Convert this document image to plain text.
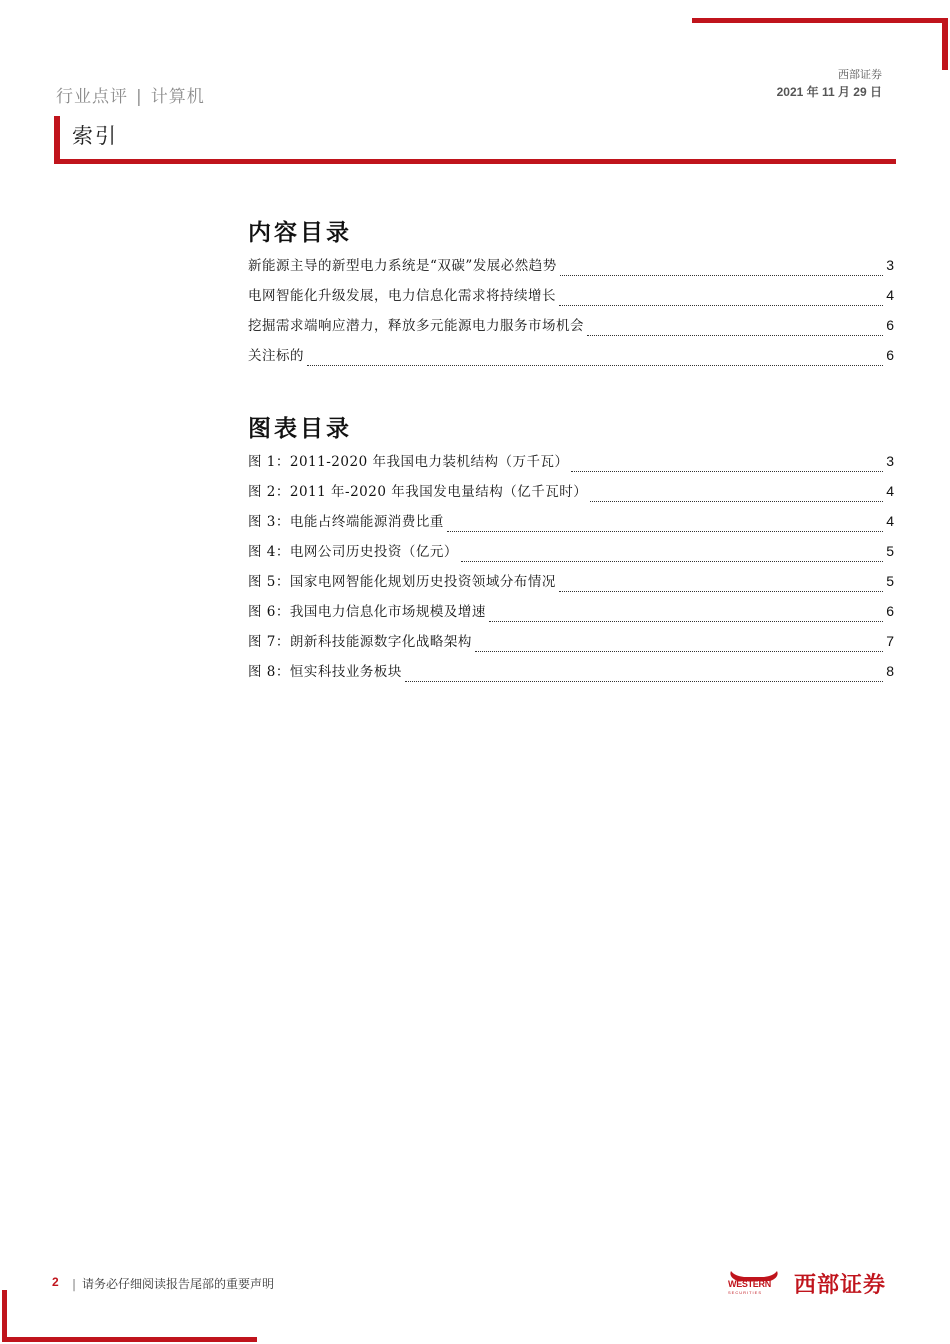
行业点评 | 计算机
西部证券
2021 年 11 月 29 日
索引
内容目录
新能源主导的新型电力系统是“双碳”发展必然趋势	3
电网智能化升级发展，电力信息化需求将持续增长	4
挖掘需求端响应潜力，释放多元能源电力服务市场机会	6
关注标的	6
图表目录
图 1：2011-2020 年我国电力装机结构（万千瓦）	3
图 2：2011 年-2020 年我国发电量结构（亿千瓦时）	4
图 3：电能占终端能源消费比重	4
图 4：电网公司历史投资（亿元）	5
图 5：国家电网智能化规划历史投资领域分布情况	5
图 6：我国电力信息化市场规模及增速	6
图 7：朗新科技能源数字化战略架构	7
图 8：恒实科技业务板块	8
2	| 请务必仔细阅读报告尾部的重要声明	WESTERN
SECURITIES 西部证券
